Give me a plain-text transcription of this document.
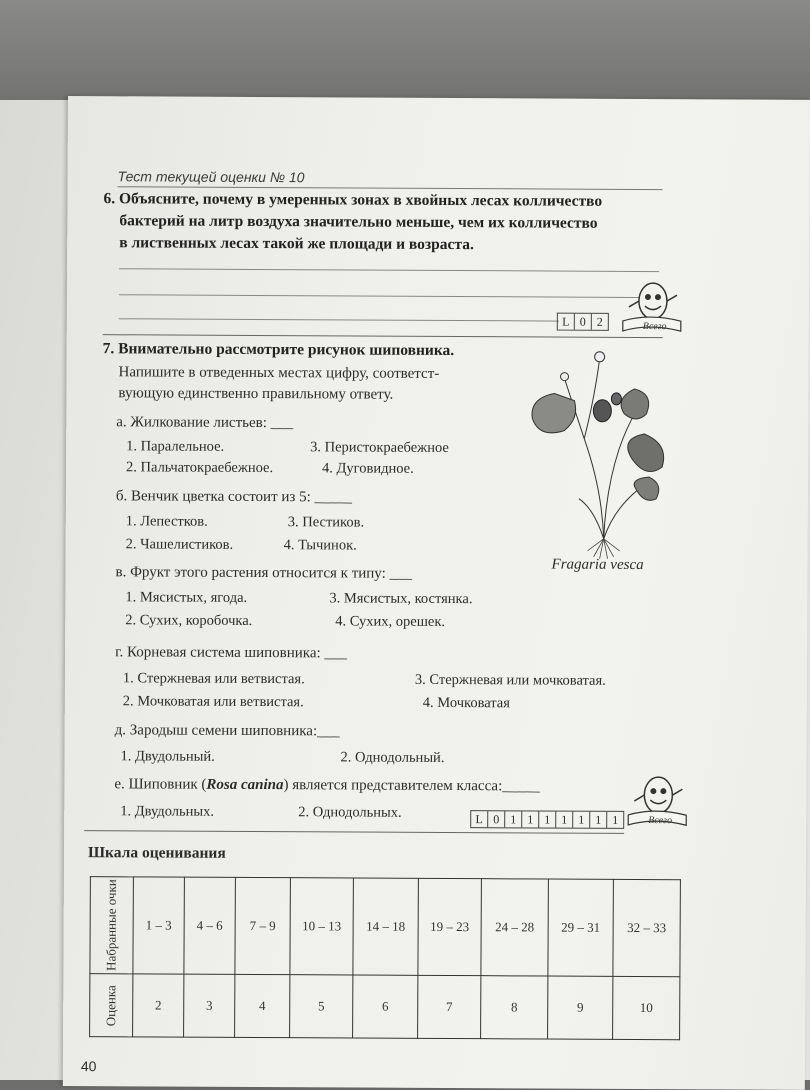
Тест текущей оценки № 10
6. Объясните, почему в умеренных зонах в хвойных лесах колличество
бактерий на литр воздуха значительно меньше, чем их колличество
в лиственных лесах такой же площади и возраста.
L 0 2	Всего
7. Внимательно рассмотрите рисунок шиповника.
Напишите в отведенных местах цифру, соответст-
вующую единственно правильному ответу.
Fragaria vesca
а. Жилкование листьев: ___
1. Паралельное.	3. Перистокраебежное
2. Пальчатокраебежное.	4. Дуговидное.
б. Венчик цветка состоит из 5: _____
1. Лепестков.	3. Пестиков.
2. Чашелистиков.	4. Тычинок.
в. Фрукт этого растения относится к типу: ___
1. Мясистых, ягода.	3. Мясистых, костянка.
2. Сухих, коробочка.	4. Сухих, орешек.
г. Корневая система шиповника: ___
1. Стержневая или ветвистая.	3. Стержневая или мочковатая.
2. Мочковатая или ветвистая.	4. Мочковатая
д. Зародыш семени шиповника:___
1. Двудольный.	2. Однодольный.
е. Шиповник (Rosa canina) является представителем класса:_____
1. Двудольных.	2. Однодольных.	L 0 1 1 1 1 1 1 1	Всего
Шкала оценивания
Набранные очки	1 – 3	4 – 6	7 – 9	10 – 13	14 – 18	19 – 23	24 – 28	29 – 31	32 – 33

Оценка	2	3	4	5	6	7	8	9	10
40
